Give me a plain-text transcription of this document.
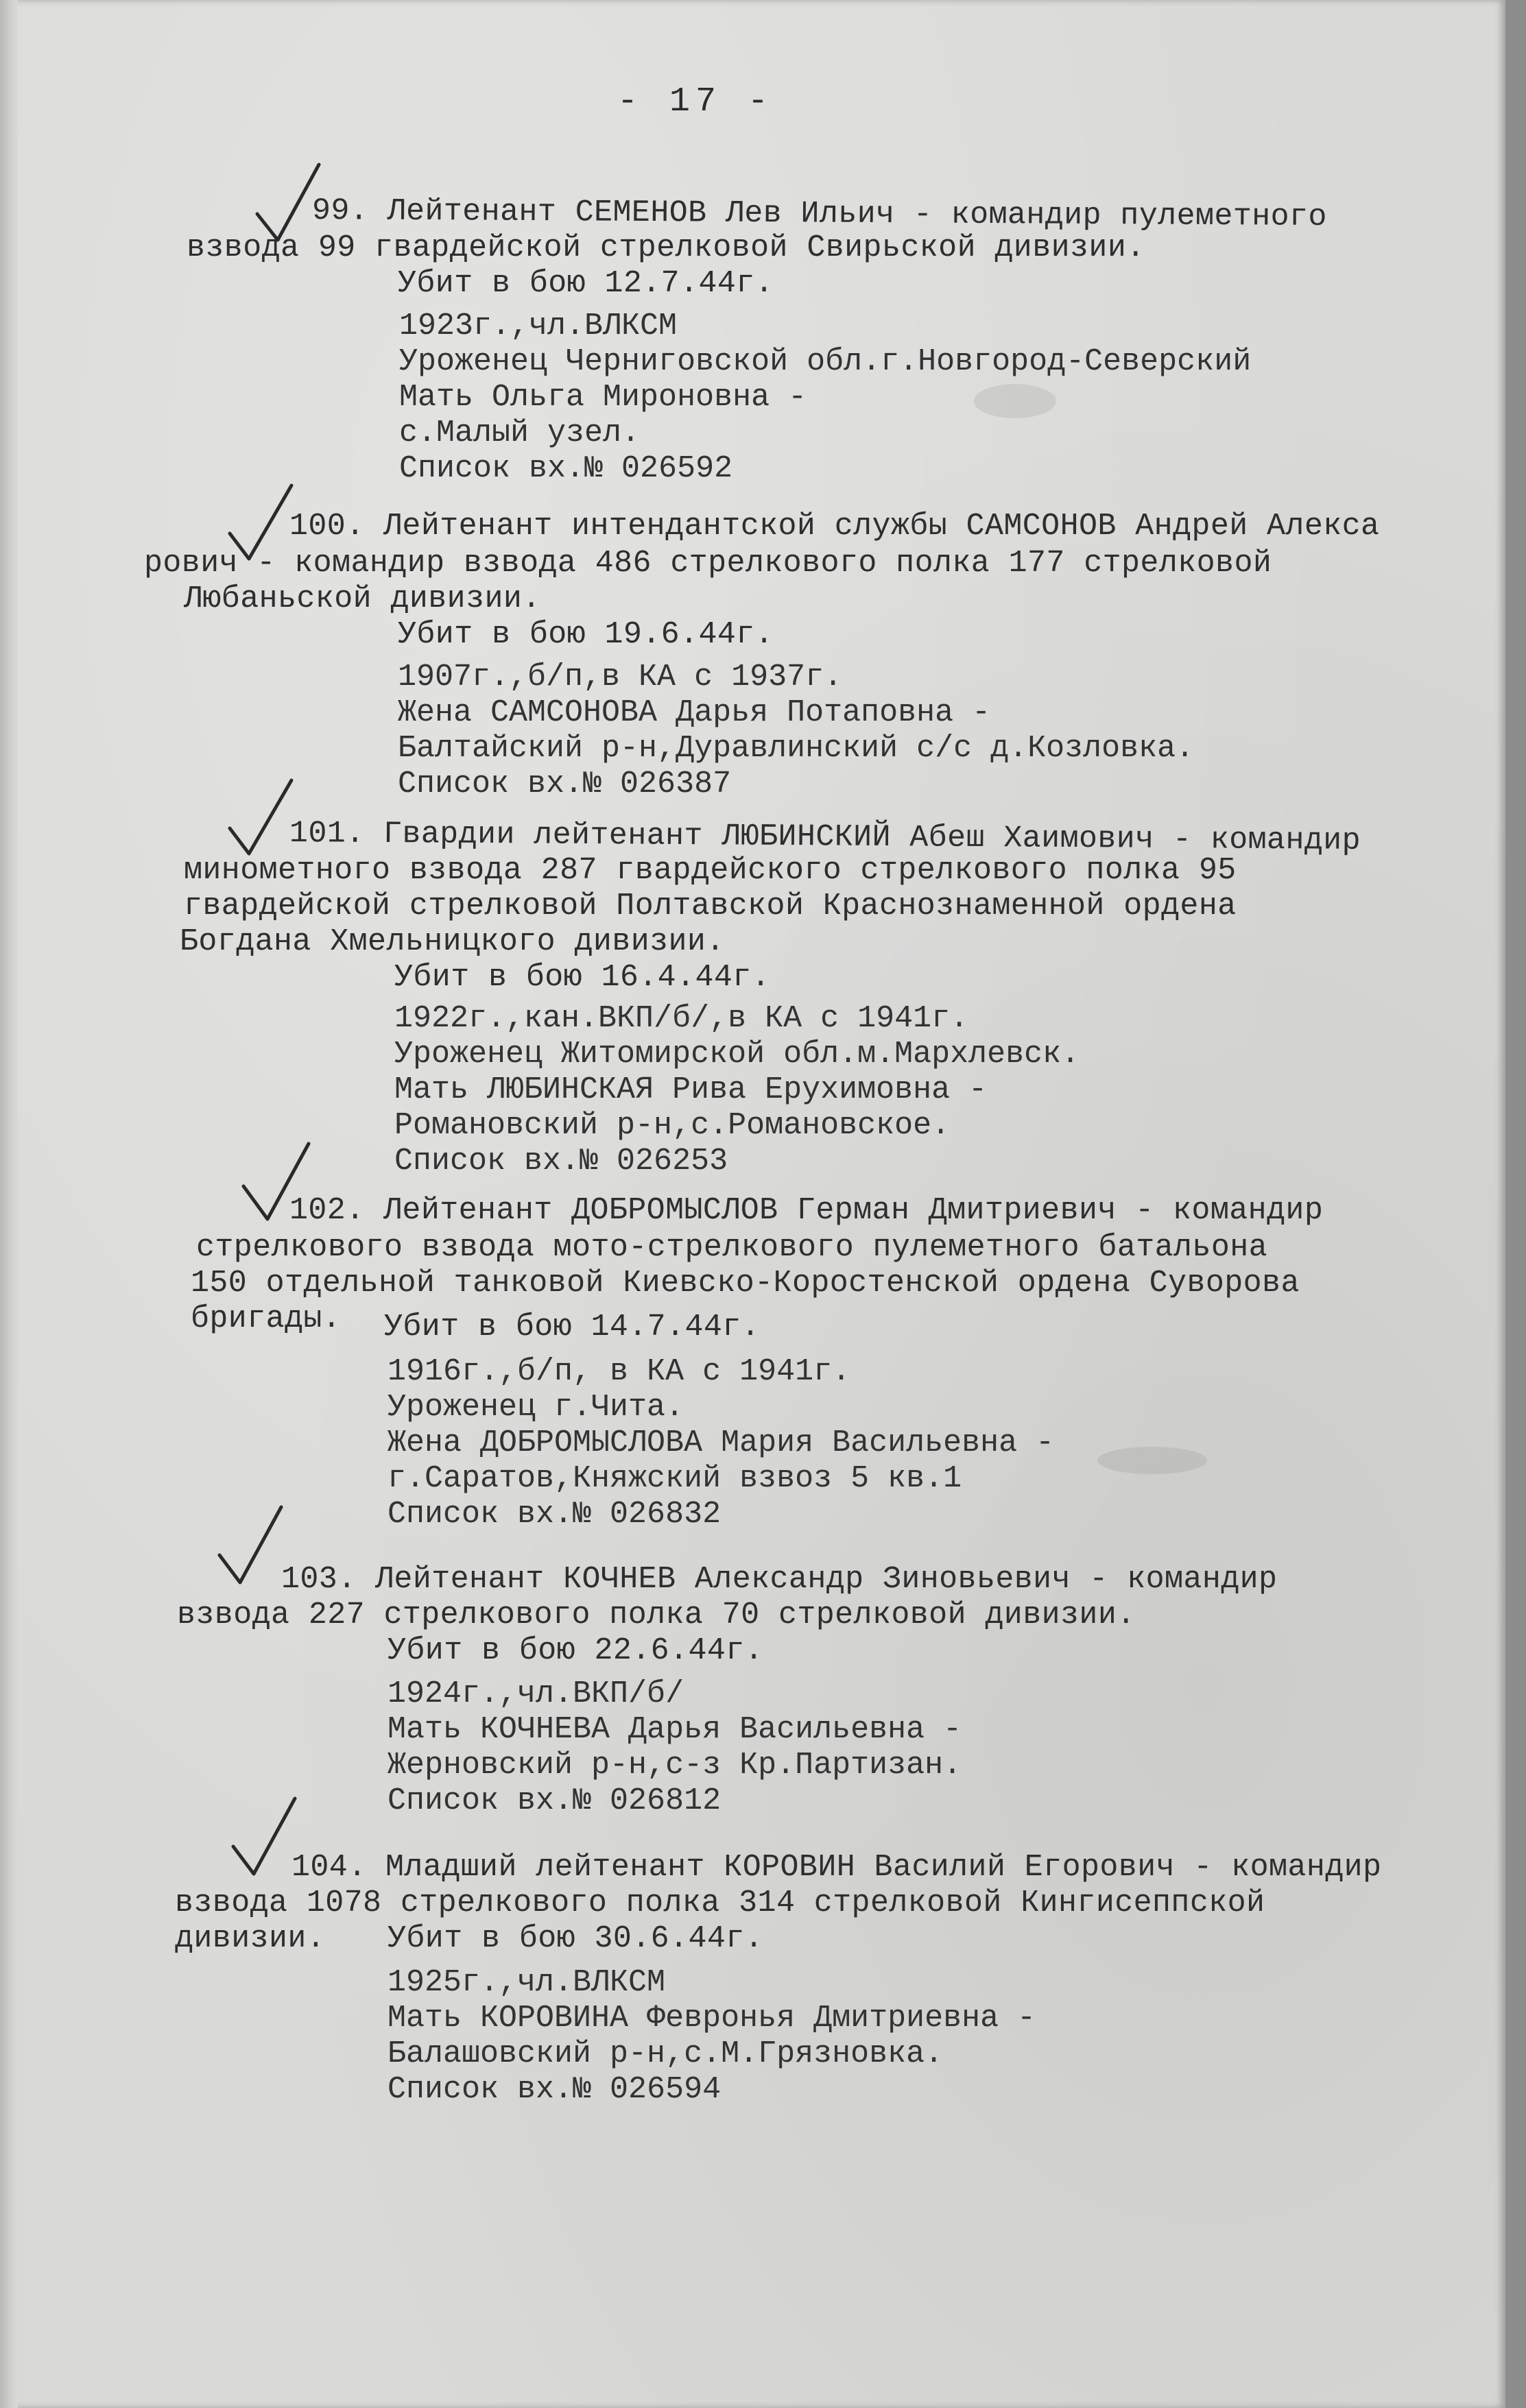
- 17 -
99. Лейтенант СЕМЕНОВ Лев Ильич - командир пулеметного
взвода 99 гвардейской стрелковой Свирьской дивизии.
Убит в бою 12.7.44г.
1923г.,чл.ВЛКСМ
Уроженец Черниговской обл.г.Новгород-Северский
Мать Ольга Мироновна -
с.Малый узел.
Список вх.№ 026592
100. Лейтенант интендантской службы САМСОНОВ Андрей Алекса
рович - командир взвода 486 стрелкового полка 177 стрелковой
Любаньской дивизии.
Убит в бою 19.6.44г.
1907г.,б/п,в КА с 1937г.
Жена САМСОНОВА Дарья Потаповна -
Балтайский р-н,Дуравлинский с/с д.Козловка.
Список вх.№ 026387
101. Гвардии лейтенант ЛЮБИНСКИЙ Абеш Хаимович - командир
минометного взвода 287 гвардейского стрелкового полка 95
гвардейской стрелковой Полтавской Краснознаменной ордена
Богдана Хмельницкого дивизии.
Убит в бою 16.4.44г.
1922г.,кан.ВКП/б/,в КА с 1941г.
Уроженец Житомирской обл.м.Мархлевск.
Мать ЛЮБИНСКАЯ Рива Ерухимовна -
Романовский р-н,с.Романовское.
Список вх.№ 026253
102. Лейтенант ДОБРОМЫСЛОВ Герман Дмитриевич - командир
стрелкового взвода мото-стрелкового пулеметного батальона
150 отдельной танковой Киевско-Коростенской ордена Суворова
бригады. Убит в бою 14.7.44г.
1916г.,б/п, в КА с 1941г.
Уроженец г.Чита.
Жена ДОБРОМЫСЛОВА Мария Васильевна -
г.Саратов,Княжский взвоз 5 кв.1
Список вх.№ 026832
103. Лейтенант КОЧНЕВ Александр Зиновьевич - командир
взвода 227 стрелкового полка 70 стрелковой дивизии.
Убит в бою 22.6.44г.
1924г.,чл.ВКП/б/
Мать КОЧНЕВА Дарья Васильевна -
Жерновский р-н,с-з Кр.Партизан.
Список вх.№ 026812
104. Младший лейтенант КОРОВИН Василий Егорович - командир
взвода 1078 стрелкового полка 314 стрелковой Кингисеппской
дивизии. Убит в бою 30.6.44г.
1925г.,чл.ВЛКСМ
Мать КОРОВИНА Февронья Дмитриевна -
Балашовский р-н,с.М.Грязновка.
Список вх.№ 026594
